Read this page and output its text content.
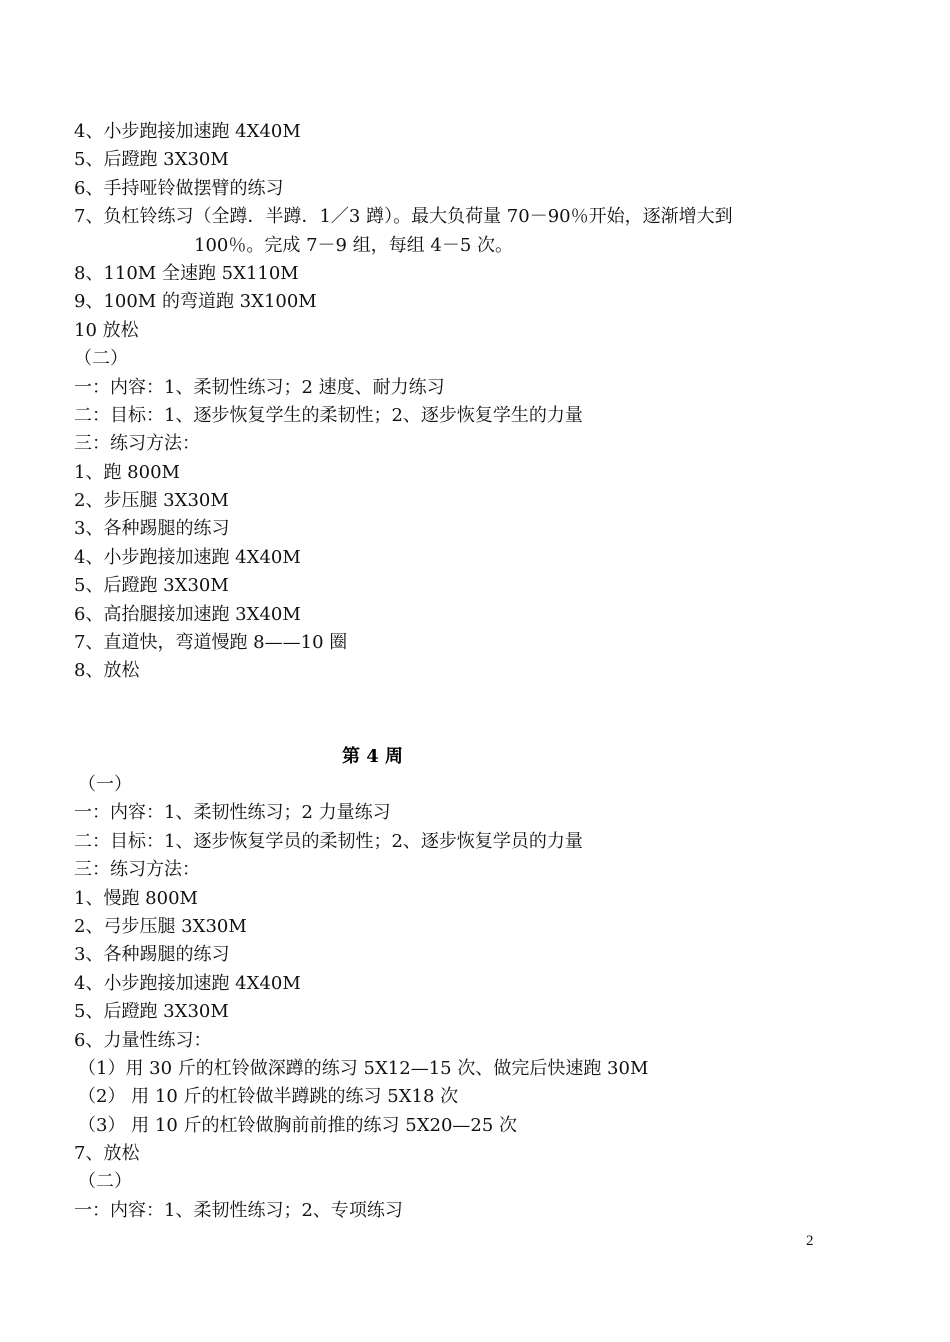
4、小步跑接加速跑 4X40M
5、后蹬跑 3X30M
6、手持哑铃做摆臂的练习
7、负杠铃练习（全蹲．半蹲．1／3 蹲）。最大负荷量 70－90％开始，逐渐增大到
100％。完成 7－9 组，每组 4－5 次。
8、110M 全速跑 5X110M
9、100M 的弯道跑 3X100M
10 放松
（二）
一：内容：1、柔韧性练习；2 速度、耐力练习
二：目标：1、逐步恢复学生的柔韧性；2、逐步恢复学生的力量
三：练习方法：
1、跑 800M
2、步压腿 3X30M
3、各种踢腿的练习
4、小步跑接加速跑 4X40M
5、后蹬跑 3X30M
6、高抬腿接加速跑 3X40M
7、直道快，弯道慢跑 8——10 圈
8、放松
第 4 周
（一）
一：内容：1、柔韧性练习；2 力量练习
二：目标：1、逐步恢复学员的柔韧性；2、逐步恢复学员的力量
三：练习方法：
1、慢跑 800M
2、弓步压腿 3X30M
3、各种踢腿的练习
4、小步跑接加速跑 4X40M
5、后蹬跑 3X30M
6、力量性练习：
（1）用 30 斤的杠铃做深蹲的练习 5X12—15 次、做完后快速跑 30M
（2） 用 10 斤的杠铃做半蹲跳的练习 5X18 次
（3） 用 10 斤的杠铃做胸前前推的练习 5X20—25 次
7、放松
（二）
一：内容：1、柔韧性练习；2、专项练习
2
